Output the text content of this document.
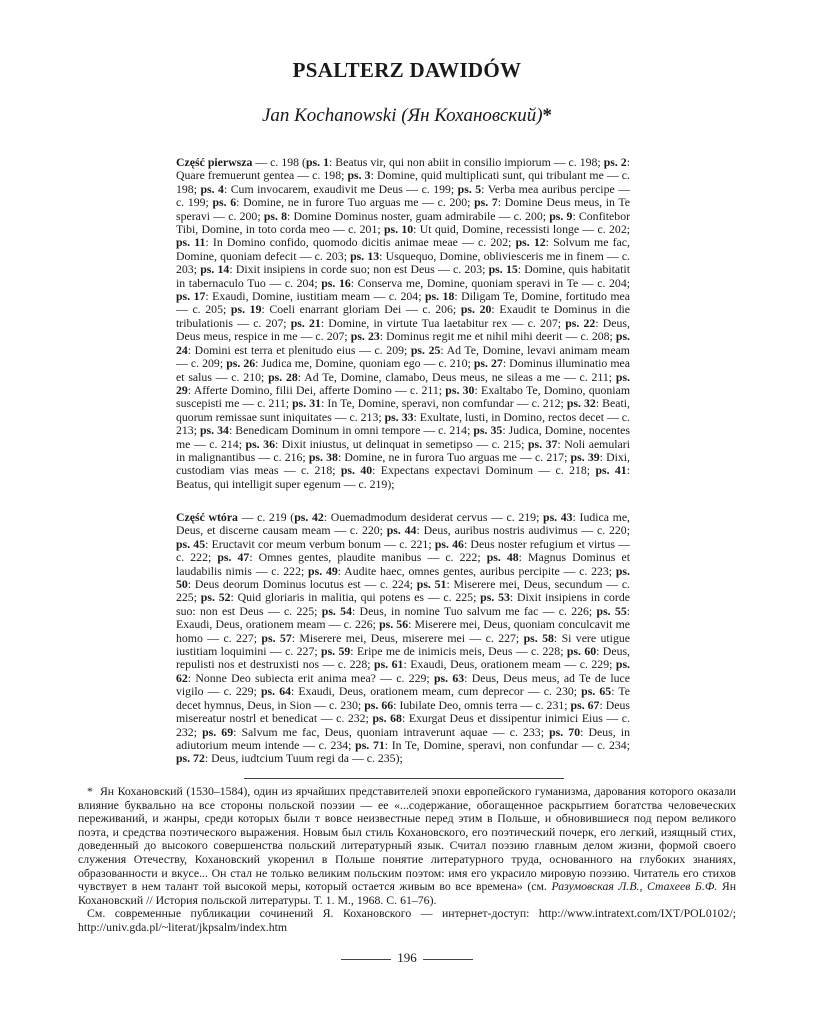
PSALTERZ DAWIDÓW
Jan Kochanowski (Ян Кохановский)*

Część pierwsza — с. 198 (ps. 1: Beatus vir, qui non abiit in consilio impiorum — с. 198; ps. 2: Quare fremuerunt gentea — с. 198; ps. 3: Domine, quid multiplicati sunt, qui tribulant me — с. 198; ps. 4: Cum invocarem, exaudivit me Deus — с. 199; ps. 5: Verba mea auribus percipe — с. 199; ps. 6: Domine, ne in furore Tuo arguas me — с. 200; ps. 7: Domine Deus meus, in Te speravi — с. 200; ps. 8: Domine Dominus noster, guam admirabile — с. 200; ps. 9: Confitebor Tibi, Domine, in toto corda meo — с. 201; ps. 10: Ut quid, Domine, recessisti longe — с. 202; ps. 11: In Domino confido, quomodo dicitis animae meae — с. 202; ps. 12: Solvum me fac, Domine, quoniam defecit — с. 203; ps. 13: Usquequo, Domine, obliviesceris me in finem — с. 203; ps. 14: Dixit insipiens in corde suo; non est Deus — с. 203; ps. 15: Domine, quis habitatit in tabernaculo Tuo — с. 204; ps. 16: Conserva me, Domine, quoniam speravi in Te — с. 204; ps. 17: Exaudi, Domine, iustitiam meam — с. 204; ps. 18: Diligam Te, Domine, fortitudo mea — с. 205; ps. 19: Coeli enarrant gloriam Dei — с. 206; ps. 20: Exaudit te Dominus in die tribulationis — с. 207; ps. 21: Domine, in virtute Tua laetabitur rex — с. 207; ps. 22: Deus, Deus meus, respice in me — с. 207; ps. 23: Dominus regit me et nihil mihi deerit — с. 208; ps. 24: Domini est terra et plenitudo eius — с. 209; ps. 25: Ad Te, Domine, levavi animam meam — с. 209; ps. 26: Judica me, Domine, quoniam ego — с. 210; ps. 27: Dominus illuminatio mea et salus — с. 210; ps. 28: Ad Te, Domine, clamabo, Deus meus, ne sileas a me — с. 211; ps. 29: Afferte Domino, filii Dei, afferte Domino — с. 211; ps. 30: Exaltabo Te, Domino, quoniam suscepisti me — с. 211; ps. 31: In Te, Domine, speravi, non comfundar — с. 212; ps. 32: Beati, quorum remissae sunt iniquitates — с. 213; ps. 33: Exultate, lusti, in Domino, rectos decet — с. 213; ps. 34: Benedicam Dominum in omni tempore — с. 214; ps. 35: Judica, Domine, nocentes me — с. 214; ps. 36: Dixit iniustus, ut delinquat in semetipso — с. 215; ps. 37: Noli aemulari in malignantibus — с. 216; ps. 38: Domine, ne in furora Tuo arguas me — с. 217; ps. 39: Dixi, custodiam vias meas — с. 218; ps. 40: Expectans expectavi Dominum — с. 218; ps. 41: Beatus, qui intelligit super egenum — с. 219);

Część wtóra — с. 219 (ps. 42: Ouemadmodum desiderat cervus — с. 219; ps. 43: Iudica me, Deus, et discerne causam meam — с. 220; ps. 44: Deus, auribus nostris audivimus — с. 220; ps. 45: Eructavit cor meum verbum bonum — с. 221; ps. 46: Deus noster refugium et virtus — с. 222; ps. 47: Omnes gentes, plaudite manibus — с. 222; ps. 48: Magnus Dominus et laudabilis nimis — с. 222; ps. 49: Audite haec, omnes gentes, auribus percipite — с. 223; ps. 50: Deus deorum Dominus locutus est — с. 224; ps. 51: Miserere mei, Deus, secundum — с. 225; ps. 52: Quid gloriaris in malitia, qui potens es — с. 225; ps. 53: Dixit insipiens in corde suo: non est Deus — с. 225; ps. 54: Deus, in nomine Tuo salvum me fac — с. 226; ps. 55: Exaudi, Deus, orationem meam — с. 226; ps. 56: Miserere mei, Deus, quoniam conculcavit me homo — с. 227; ps. 57: Miserere mei, Deus, miserere mei — с. 227; ps. 58: Si vere utigue iustitiam loquimini — с. 227; ps. 59: Eripe me de inimicis meis, Deus — с. 228; ps. 60: Deus, repulisti nos et destruxisti nos — с. 228; ps. 61: Exaudi, Deus, orationem meam — с. 229; ps. 62: Nonne Deo subiecta erit anima mea? — с. 229; ps. 63: Deus, Deus meus, ad Te de luce vigilo — с. 229; ps. 64: Exaudi, Deus, orationem meam, cum deprecor — с. 230; ps. 65: Te decet hymnus, Deus, in Sion — с. 230; ps. 66: Iubilate Deo, omnis terra — с. 231; ps. 67: Deus misereatur nostrl et benedicat — с. 232; ps. 68: Exurgat Deus et dissipentur inimici Eius — с. 232; ps. 69: Salvum me fac, Deus, quoniam intraverunt aquae — с. 233; ps. 70: Deus, in adiutorium meum intende — с. 234; ps. 71: In Te, Domine, speravi, non confundar — с. 234; ps. 72: Deus, iudtcium Tuum regi da — с. 235);

* Ян Кохановский (1530–1584), один из ярчайших представителей эпохи европейского гуманизма, дарования которого оказали влияние буквально на все стороны польской поэзии — ее «...содержание, обогащенное раскрытием богатства человеческих переживаний, и жанры, среди которых были т вовсе неизвестные перед этим в Польше, и обновившиеся под пером великого поэта, и средства поэтического выражения. Новым был стиль Кохановского, его поэтический почерк, его легкий, изящный стих, доведенный до высокого совершенства польский литературный язык. Считал поэзию главным делом жизни, формой своего служения Отечеству, Кохановский укоренил в Польше понятие литературного труда, основанного на глубоких знаниях, образованности и вкусе... Он стал не только великим польским поэтом: имя его украсило мировую поэзию. Читатель его стихов чувствует в нем талант той высокой меры, который остается живым во все времена» (см. Разумовская Л.В., Стахеев Б.Ф. Ян Кохановский // История польской литературы. Т. 1. М., 1968. С. 61–76).

См. современные публикации сочинений Я. Кохановского — интернет-доступ: http://www.intratext.com/IXT/POL0102/; http://univ.gda.pl/~literat/jkpsalm/index.htm

196
